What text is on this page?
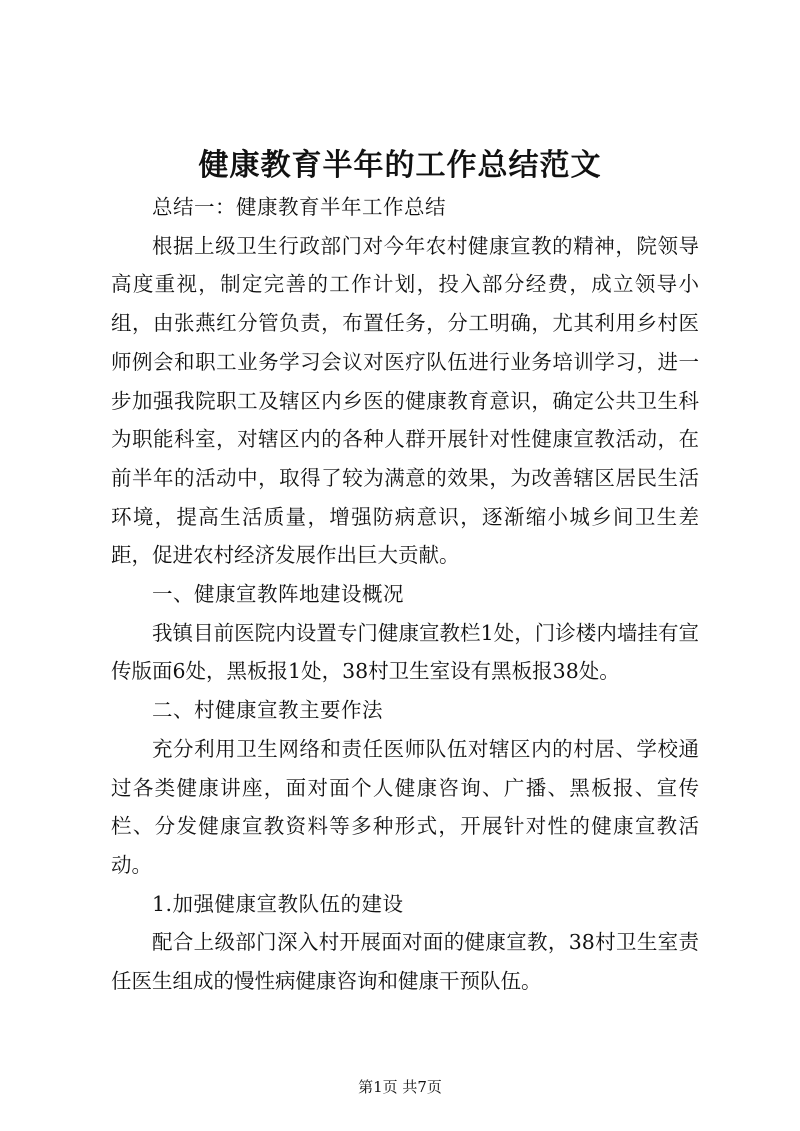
健康教育半年的工作总结范文

总结一：健康教育半年工作总结

根据上级卫生行政部门对今年农村健康宣教的精神，院领导高度重视，制定完善的工作计划，投入部分经费，成立领导小组，由张燕红分管负责，布置任务，分工明确，尤其利用乡村医师例会和职工业务学习会议对医疗队伍进行业务培训学习，进一步加强我院职工及辖区内乡医的健康教育意识，确定公共卫生科为职能科室，对辖区内的各种人群开展针对性健康宣教活动，在前半年的活动中，取得了较为满意的效果，为改善辖区居民生活环境，提高生活质量，增强防病意识，逐渐缩小城乡间卫生差距，促进农村经济发展作出巨大贡献。

一、健康宣教阵地建设概况

我镇目前医院内设置专门健康宣教栏1处，门诊楼内墙挂有宣传版面6处，黑板报1处，38村卫生室设有黑板报38处。

二、村健康宣教主要作法

充分利用卫生网络和责任医师队伍对辖区内的村居、学校通过各类健康讲座，面对面个人健康咨询、广播、黑板报、宣传栏、分发健康宣教资料等多种形式，开展针对性的健康宣教活动。

1.加强健康宣教队伍的建设

配合上级部门深入村开展面对面的健康宣教，38村卫生室责任医生组成的慢性病健康咨询和健康干预队伍。

第1页 共7页
